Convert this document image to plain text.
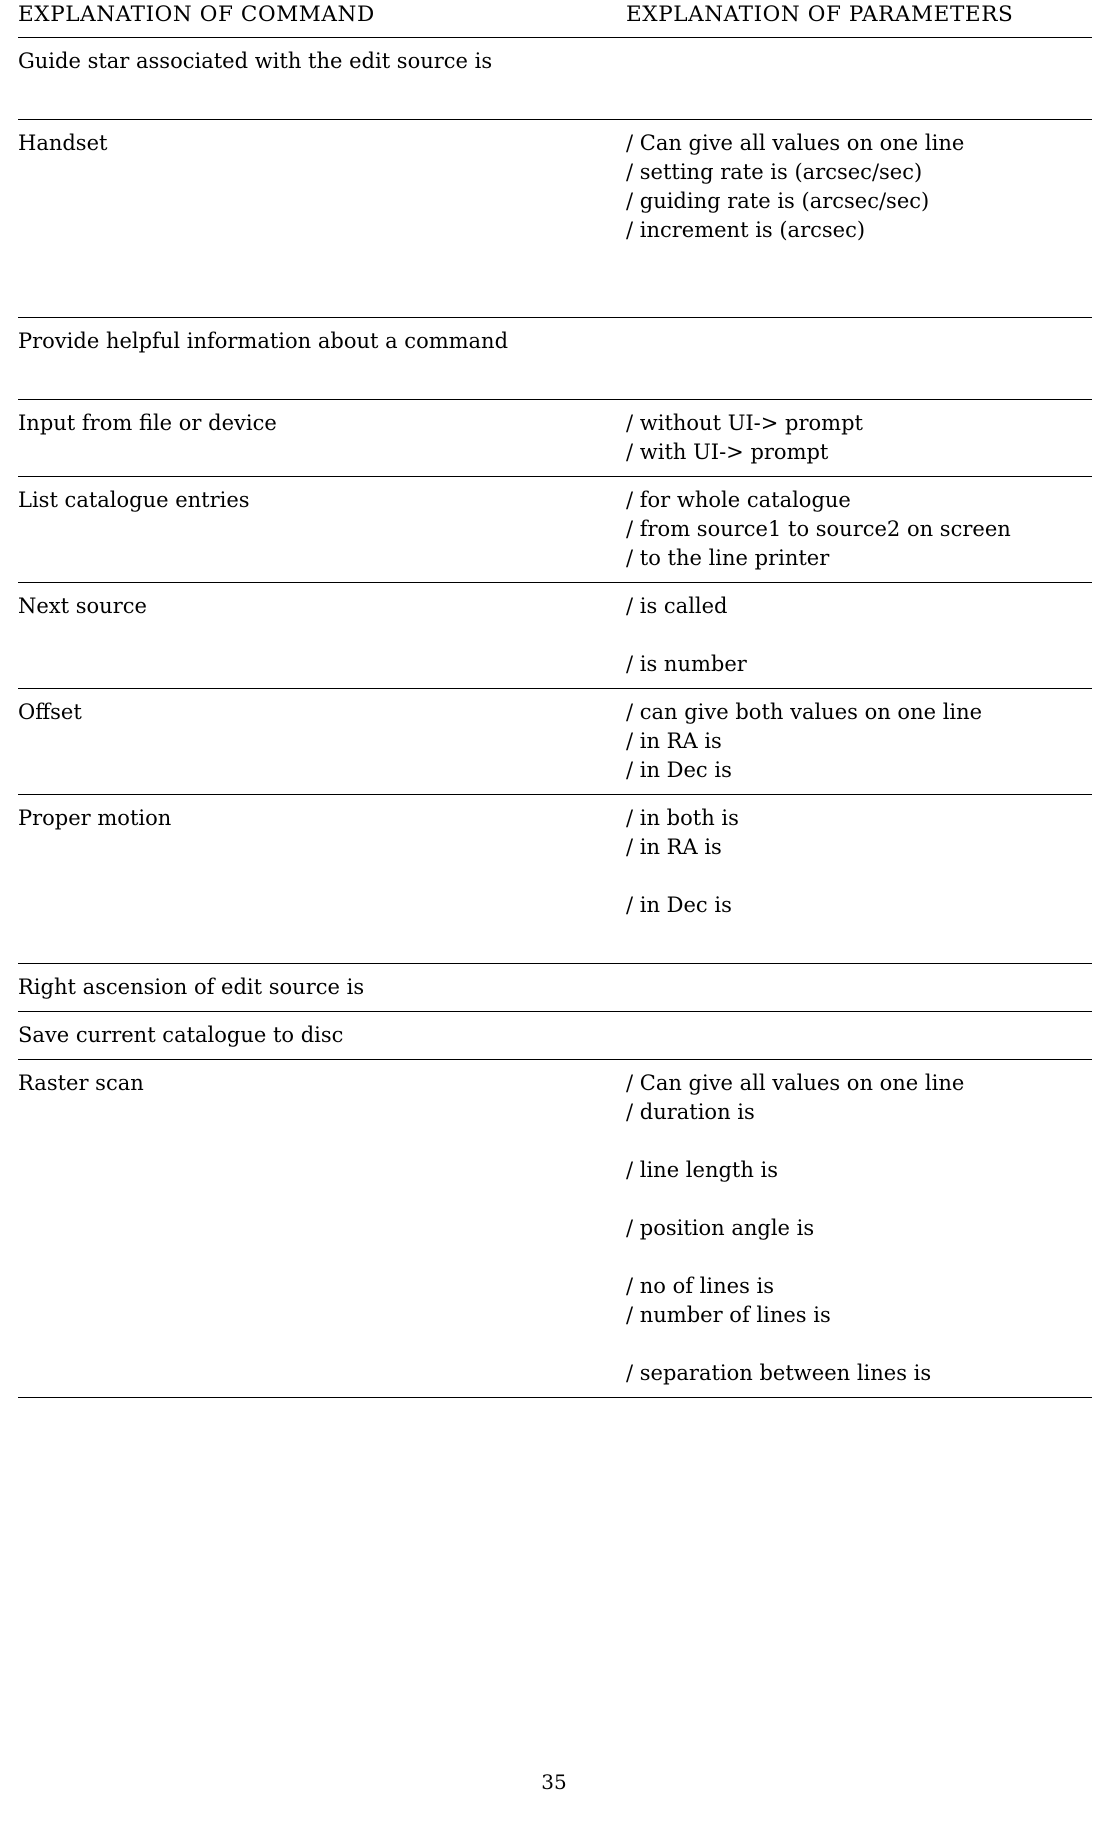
EXPLANATION OF COMMAND	EXPLANATION OF PARAMETERS

Guide star associated with the edit source is	

Handset	/ Can give all values on one line
/ setting rate is (arcsec/sec)
/ guiding rate is (arcsec/sec)
/ increment is (arcsec)

Provide helpful information about a command	

Input from file or device	/ without UI-> prompt
/ with UI-> prompt

List catalogue entries	/ for whole catalogue
/ from source1 to source2 on screen
/ to the line printer

Next source	/ is called

/ is number

Offset	/ can give both values on one line
/ in RA is
/ in Dec is

Proper motion	/ in both is
/ in RA is

/ in Dec is

Right ascension of edit source is	

Save current catalogue to disc	

Raster scan	/ Can give all values on one line
/ duration is

/ line length is

/ position angle is

/ no of lines is
/ number of lines is

/ separation between lines is

35
